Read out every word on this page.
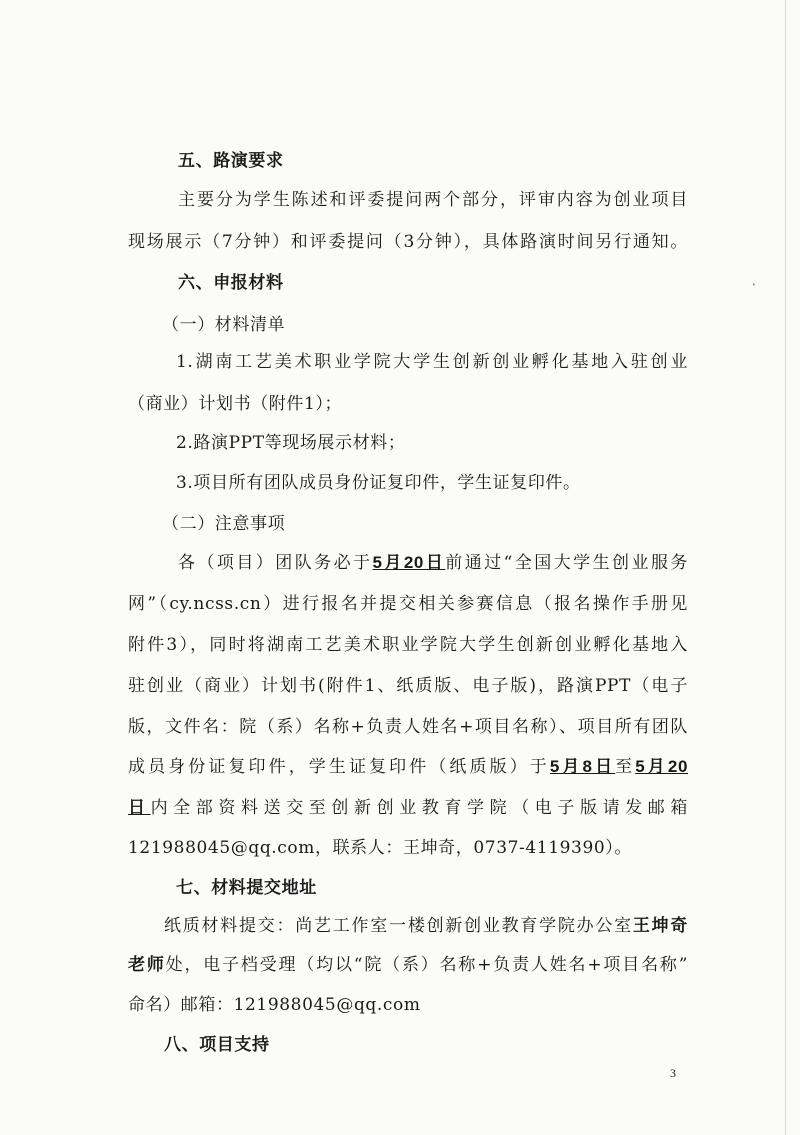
•
五、路演要求
主要分为学生陈述和评委提问两个部分，评审内容为创业项目
现场展示（7分钟）和评委提问（3分钟），具体路演时间另行通知。
六、申报材料
（一）材料清单
1.湖南工艺美术职业学院大学生创新创业孵化基地入驻创业
（商业）计划书（附件1）；
2.路演PPT等现场展示材料；
3.项目所有团队成员身份证复印件，学生证复印件。
（二）注意事项
各（项目）团队务必于5月20日前通过“全国大学生创业服务
网”（cy.ncss.cn）进行报名并提交相关参赛信息（报名操作手册见
附件3），同时将湖南工艺美术职业学院大学生创新创业孵化基地入
驻创业（商业）计划书(附件1、纸质版、电子版)，路演PPT（电子
版，文件名：院（系）名称+负责人姓名+项目名称）、项目所有团队
成员身份证复印件，学生证复印件（纸质版）于5月8日至5月20
日内全部资料送交至创新创业教育学院（电子版请发邮箱
121988045@qq.com，联系人：王坤奇，0737-4119390）。
七、材料提交地址
纸质材料提交：尚艺工作室一楼创新创业教育学院办公室王坤奇
老师处，电子档受理（均以“院（系）名称+负责人姓名+项目名称”
命名）邮箱：121988045@qq.com
八、项目支持
3
